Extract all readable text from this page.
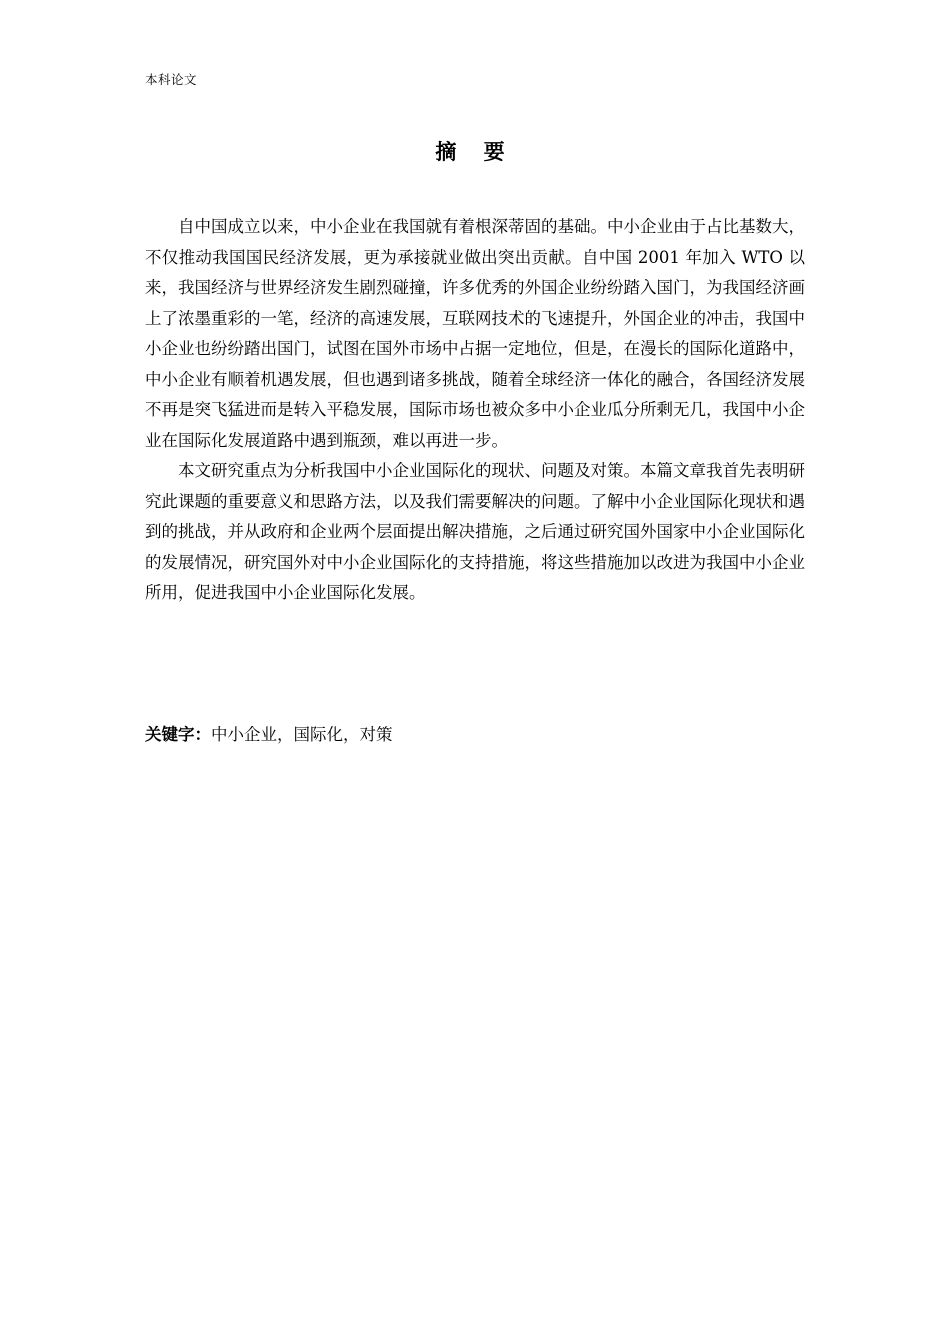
本科论文
摘 要

自中国成立以来，中小企业在我国就有着根深蒂固的基础。中小企业由于占比基数大，不仅推动我国国民经济发展，更为承接就业做出突出贡献。自中国 2001 年加入 WTO 以来，我国经济与世界经济发生剧烈碰撞，许多优秀的外国企业纷纷踏入国门，为我国经济画上了浓墨重彩的一笔，经济的高速发展，互联网技术的飞速提升，外国企业的冲击，我国中小企业也纷纷踏出国门，试图在国外市场中占据一定地位，但是，在漫长的国际化道路中，中小企业有顺着机遇发展，但也遇到诸多挑战，随着全球经济一体化的融合，各国经济发展不再是突飞猛进而是转入平稳发展，国际市场也被众多中小企业瓜分所剩无几，我国中小企业在国际化发展道路中遇到瓶颈，难以再进一步。

本文研究重点为分析我国中小企业国际化的现状、问题及对策。本篇文章我首先表明研究此课题的重要意义和思路方法，以及我们需要解决的问题。了解中小企业国际化现状和遇到的挑战，并从政府和企业两个层面提出解决措施，之后通过研究国外国家中小企业国际化的发展情况，研究国外对中小企业国际化的支持措施，将这些措施加以改进为我国中小企业所用，促进我国中小企业国际化发展。

关键字：中小企业，国际化，对策
